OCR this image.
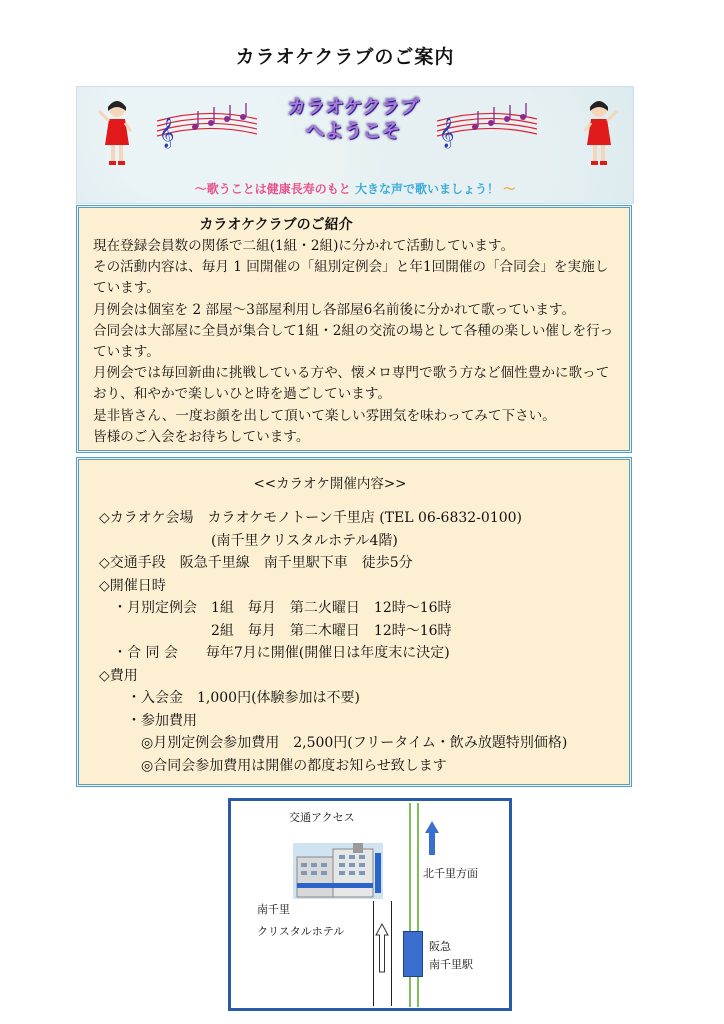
カラオケクラブのご案内
𝄞
カラオケクラブ
へようこそ	𝄞
～歌うことは健康長寿のもと 大きな声で歌いましょう！ ～
カラオケクラブのご紹介

現在登録会員数の関係で二組(1組・2組)に分かれて活動しています。

その活動内容は、毎月 1 回開催の「組別定例会」と年1回開催の「合同会」を実施しています。

月例会は個室を 2 部屋～3部屋利用し各部屋6名前後に分かれて歌っています。

合同会は大部屋に全員が集合して1組・2組の交流の場として各種の楽しい催しを行っています。

月例会では毎回新曲に挑戦している方や、懐メロ専門で歌う方など個性豊かに歌っており、和やかで楽しいひと時を過ごしています。

是非皆さん、一度お顔を出して頂いて楽しい雰囲気を味わってみて下さい。

皆様のご入会をお待ちしています。

<<カラオケ開催内容>>
◇カラオケ会場　カラオケモノトーン千里店 (TEL 06-6832-0100)
　　　　　　　　(南千里クリスタルホテル4階)
◇交通手段　阪急千里線　南千里駅下車　徒歩5分
◇開催日時
　・月別定例会　1組　毎月　第二火曜日　12時～16時
　　　　　　　　2組　毎月　第二木曜日　12時～16時
　・合 同 会　　毎年7月に開催(開催日は年度末に決定)
◇費用
　　・入会金　1,000円(体験参加は不要)
　　・参加費用
　　　◎月別定例会参加費用　2,500円(フリータイム・飲み放題特別価格)
　　　◎合同会参加費用は開催の都度お知らせ致します
交通アクセス
南千里
クリスタルホテル
北千里方面
阪急
南千里駅
